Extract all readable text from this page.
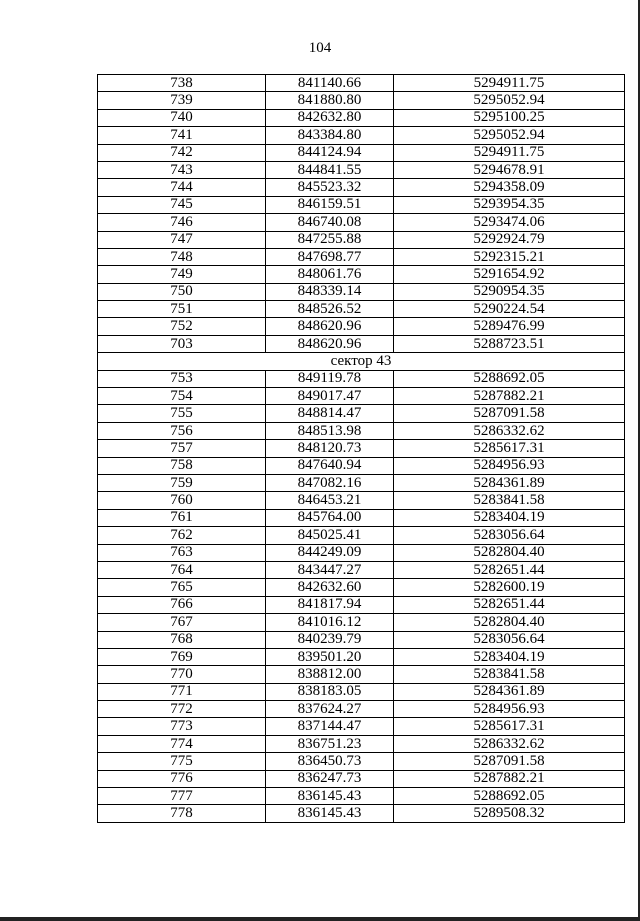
104
738	841140.66	5294911.75
739	841880.80	5295052.94
740	842632.80	5295100.25
741	843384.80	5295052.94
742	844124.94	5294911.75
743	844841.55	5294678.91
744	845523.32	5294358.09
745	846159.51	5293954.35
746	846740.08	5293474.06
747	847255.88	5292924.79
748	847698.77	5292315.21
749	848061.76	5291654.92
750	848339.14	5290954.35
751	848526.52	5290224.54
752	848620.96	5289476.99
703	848620.96	5288723.51
сектор 43		
753	849119.78	5288692.05
754	849017.47	5287882.21
755	848814.47	5287091.58
756	848513.98	5286332.62
757	848120.73	5285617.31
758	847640.94	5284956.93
759	847082.16	5284361.89
760	846453.21	5283841.58
761	845764.00	5283404.19
762	845025.41	5283056.64
763	844249.09	5282804.40
764	843447.27	5282651.44
765	842632.60	5282600.19
766	841817.94	5282651.44
767	841016.12	5282804.40
768	840239.79	5283056.64
769	839501.20	5283404.19
770	838812.00	5283841.58
771	838183.05	5284361.89
772	837624.27	5284956.93
773	837144.47	5285617.31
774	836751.23	5286332.62
775	836450.73	5287091.58
776	836247.73	5287882.21
777	836145.43	5288692.05
778	836145.43	5289508.32
